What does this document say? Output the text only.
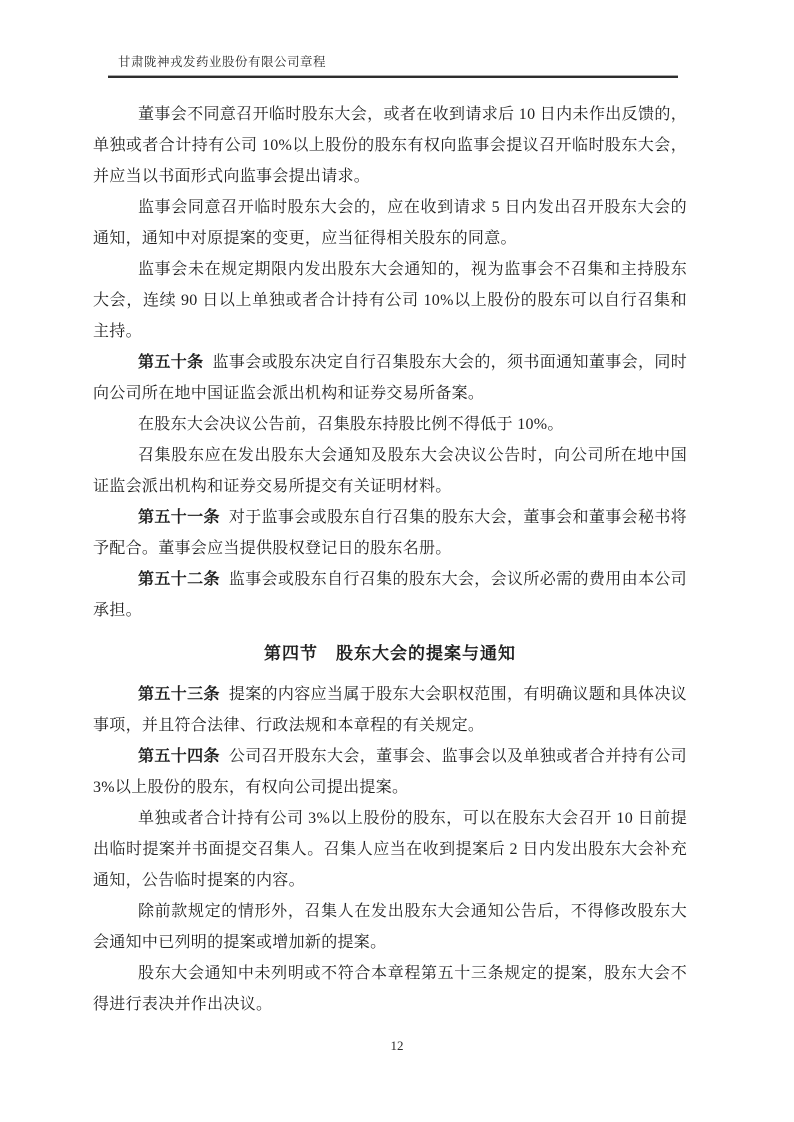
甘肃陇神戎发药业股份有限公司章程

董事会不同意召开临时股东大会，或者在收到请求后 10 日内未作出反馈的，单独或者合计持有公司 10%以上股份的股东有权向监事会提议召开临时股东大会，并应当以书面形式向监事会提出请求。

监事会同意召开临时股东大会的，应在收到请求 5 日内发出召开股东大会的通知，通知中对原提案的变更，应当征得相关股东的同意。

监事会未在规定期限内发出股东大会通知的，视为监事会不召集和主持股东大会，连续 90 日以上单独或者合计持有公司 10%以上股份的股东可以自行召集和主持。

第五十条 监事会或股东决定自行召集股东大会的，须书面通知董事会，同时向公司所在地中国证监会派出机构和证券交易所备案。

在股东大会决议公告前，召集股东持股比例不得低于 10%。

召集股东应在发出股东大会通知及股东大会决议公告时，向公司所在地中国证监会派出机构和证券交易所提交有关证明材料。

第五十一条 对于监事会或股东自行召集的股东大会，董事会和董事会秘书将予配合。董事会应当提供股权登记日的股东名册。

第五十二条 监事会或股东自行召集的股东大会，会议所必需的费用由本公司承担。

第四节　股东大会的提案与通知

第五十三条 提案的内容应当属于股东大会职权范围，有明确议题和具体决议事项，并且符合法律、行政法规和本章程的有关规定。

第五十四条 公司召开股东大会，董事会、监事会以及单独或者合并持有公司 3%以上股份的股东，有权向公司提出提案。

单独或者合计持有公司 3%以上股份的股东，可以在股东大会召开 10 日前提出临时提案并书面提交召集人。召集人应当在收到提案后 2 日内发出股东大会补充通知，公告临时提案的内容。

除前款规定的情形外，召集人在发出股东大会通知公告后，不得修改股东大会通知中已列明的提案或增加新的提案。

股东大会通知中未列明或不符合本章程第五十三条规定的提案，股东大会不得进行表决并作出决议。

12
